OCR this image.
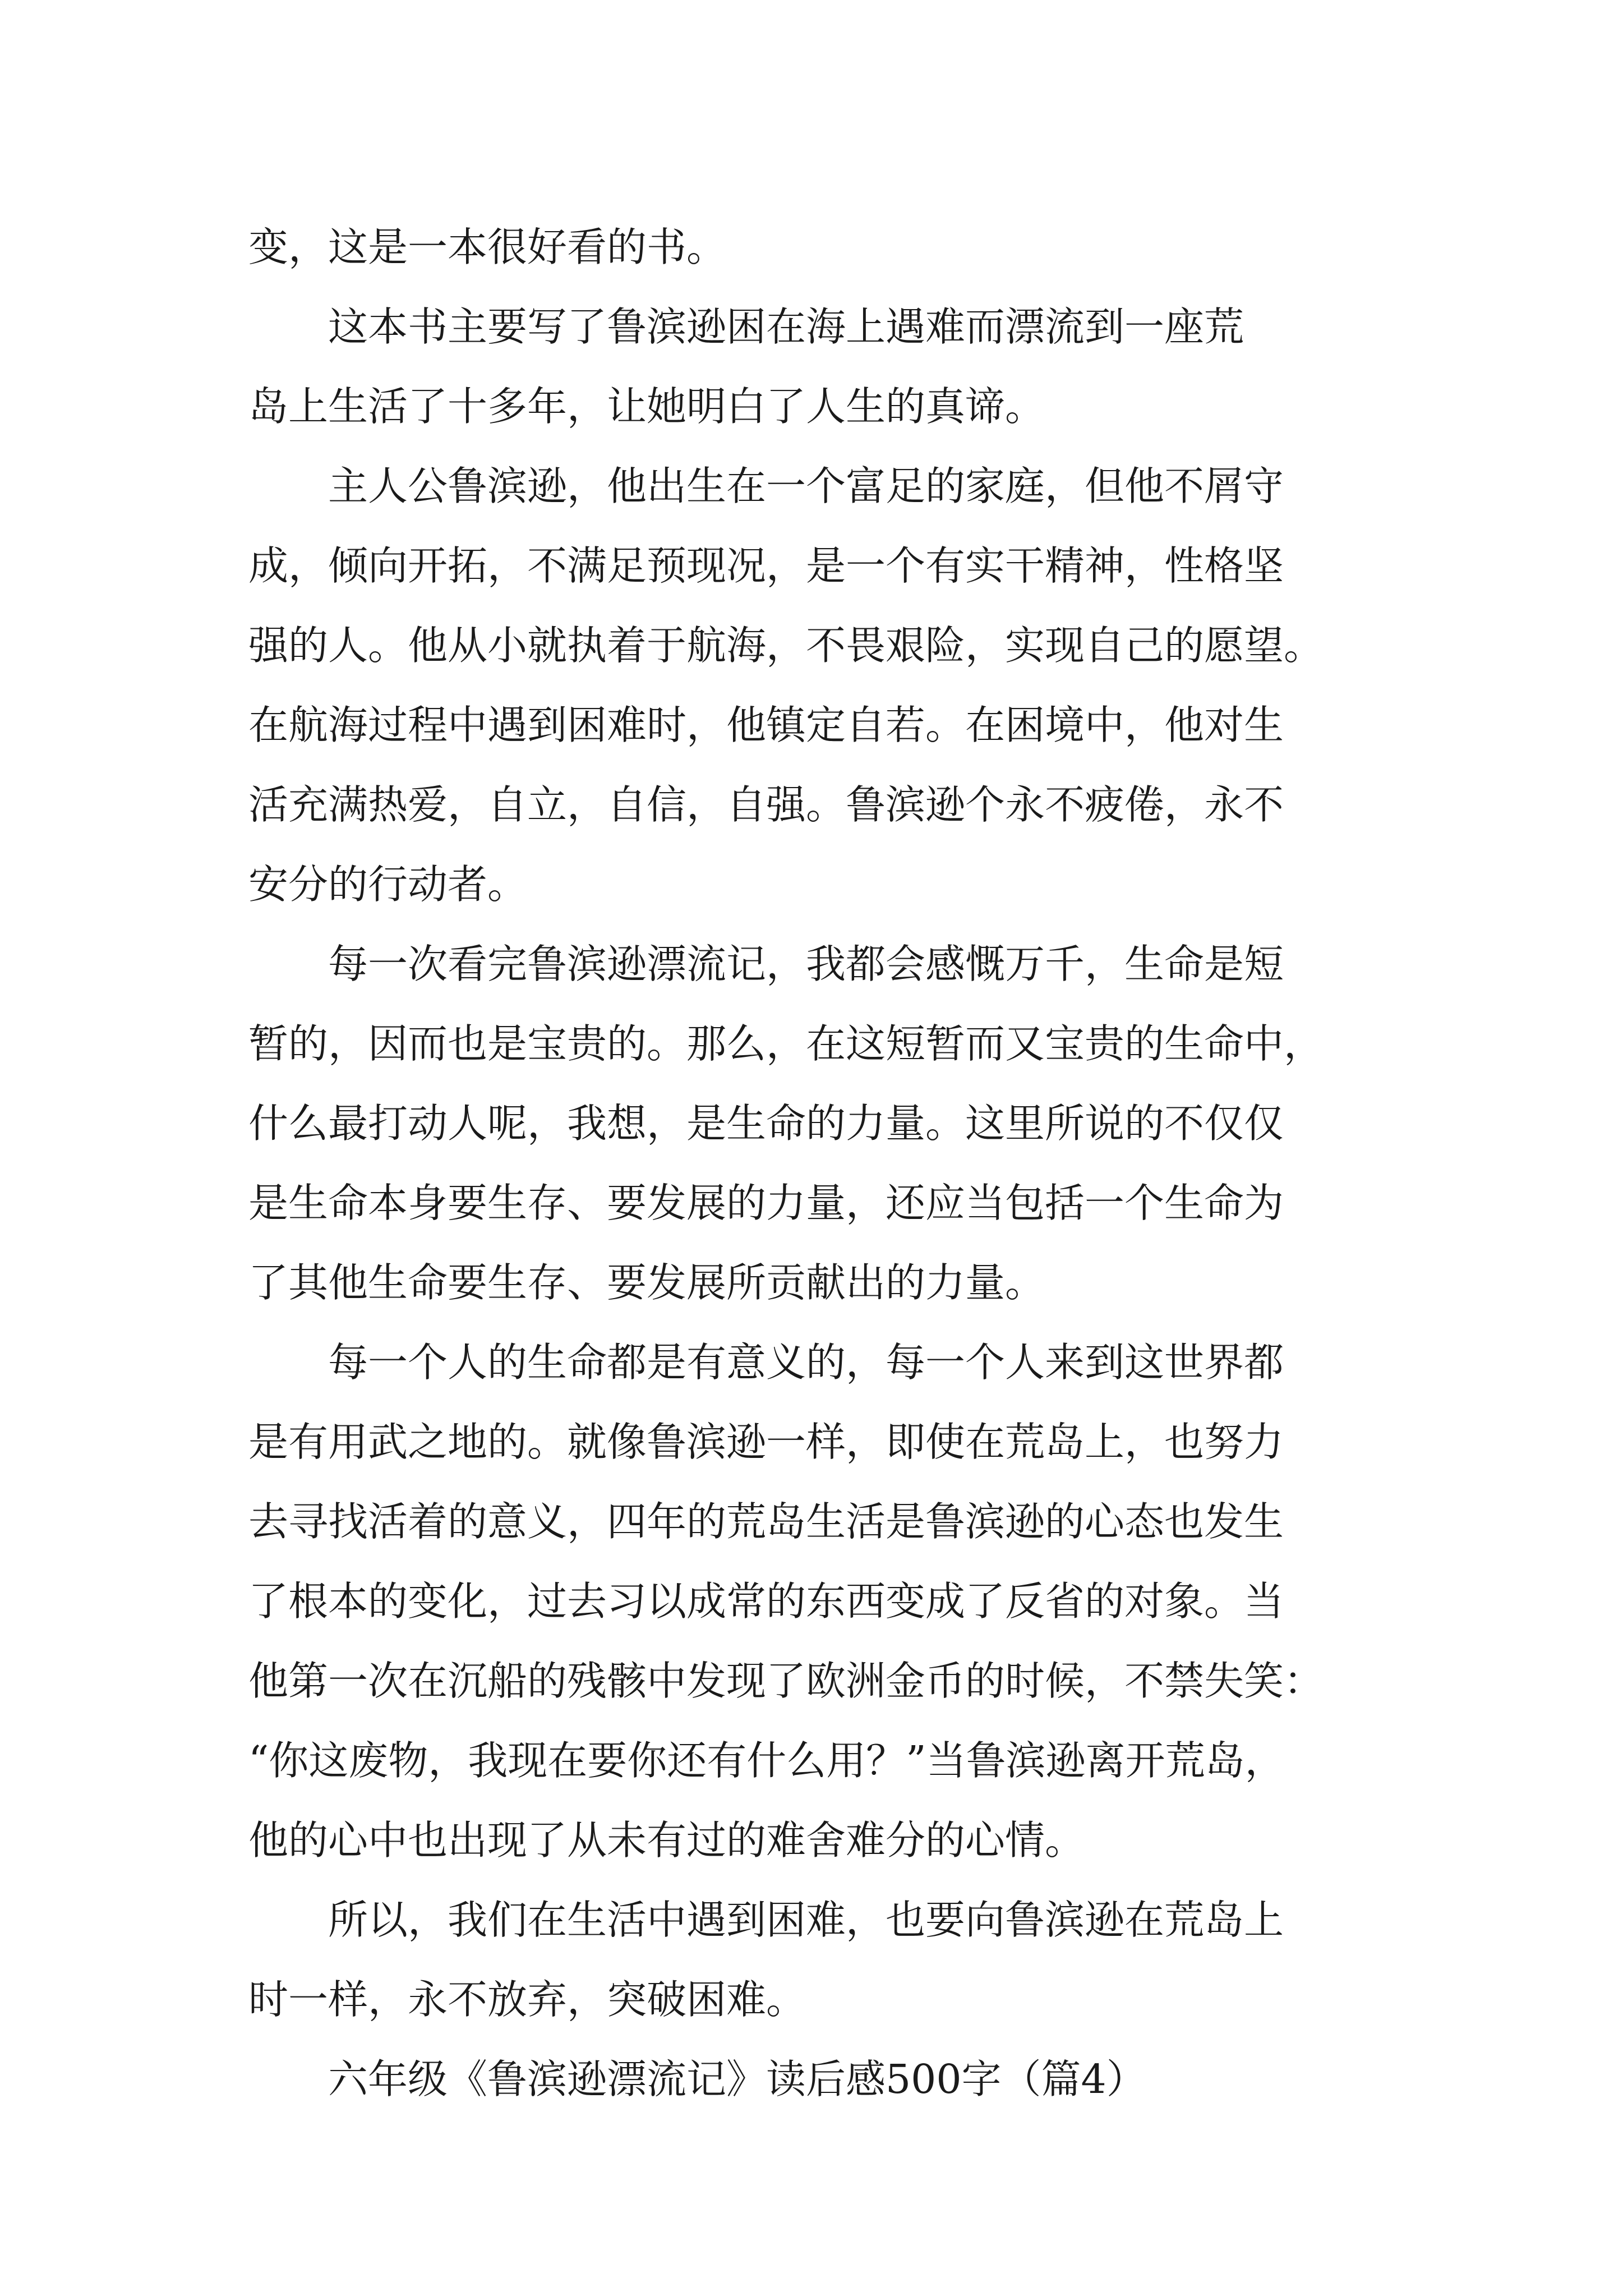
变，这是一本很好看的书。
这本书主要写了鲁滨逊困在海上遇难而漂流到一座荒
岛上生活了十多年，让她明白了人生的真谛。
主人公鲁滨逊，他出生在一个富足的家庭，但他不屑守
成，倾向开拓，不满足预现况，是一个有实干精神，性格坚
强的人。他从小就执着于航海，不畏艰险，实现自己的愿望。
在航海过程中遇到困难时，他镇定自若。在困境中，他对生
活充满热爱，自立，自信，自强。鲁滨逊个永不疲倦，永不
安分的行动者。
每一次看完鲁滨逊漂流记，我都会感慨万千，生命是短
暂的，因而也是宝贵的。那么，在这短暂而又宝贵的生命中，
什么最打动人呢，我想，是生命的力量。这里所说的不仅仅
是生命本身要生存、要发展的力量，还应当包括一个生命为
了其他生命要生存、要发展所贡献出的力量。
每一个人的生命都是有意义的，每一个人来到这世界都
是有用武之地的。就像鲁滨逊一样，即使在荒岛上，也努力
去寻找活着的意义，四年的荒岛生活是鲁滨逊的心态也发生
了根本的变化，过去习以成常的东西变成了反省的对象。当
他第一次在沉船的残骸中发现了欧洲金币的时候，不禁失笑：
“你这废物，我现在要你还有什么用？”当鲁滨逊离开荒岛，
他的心中也出现了从未有过的难舍难分的心情。
所以，我们在生活中遇到困难，也要向鲁滨逊在荒岛上
时一样，永不放弃，突破困难。
六年级《鲁滨逊漂流记》读后感500字（篇4）
